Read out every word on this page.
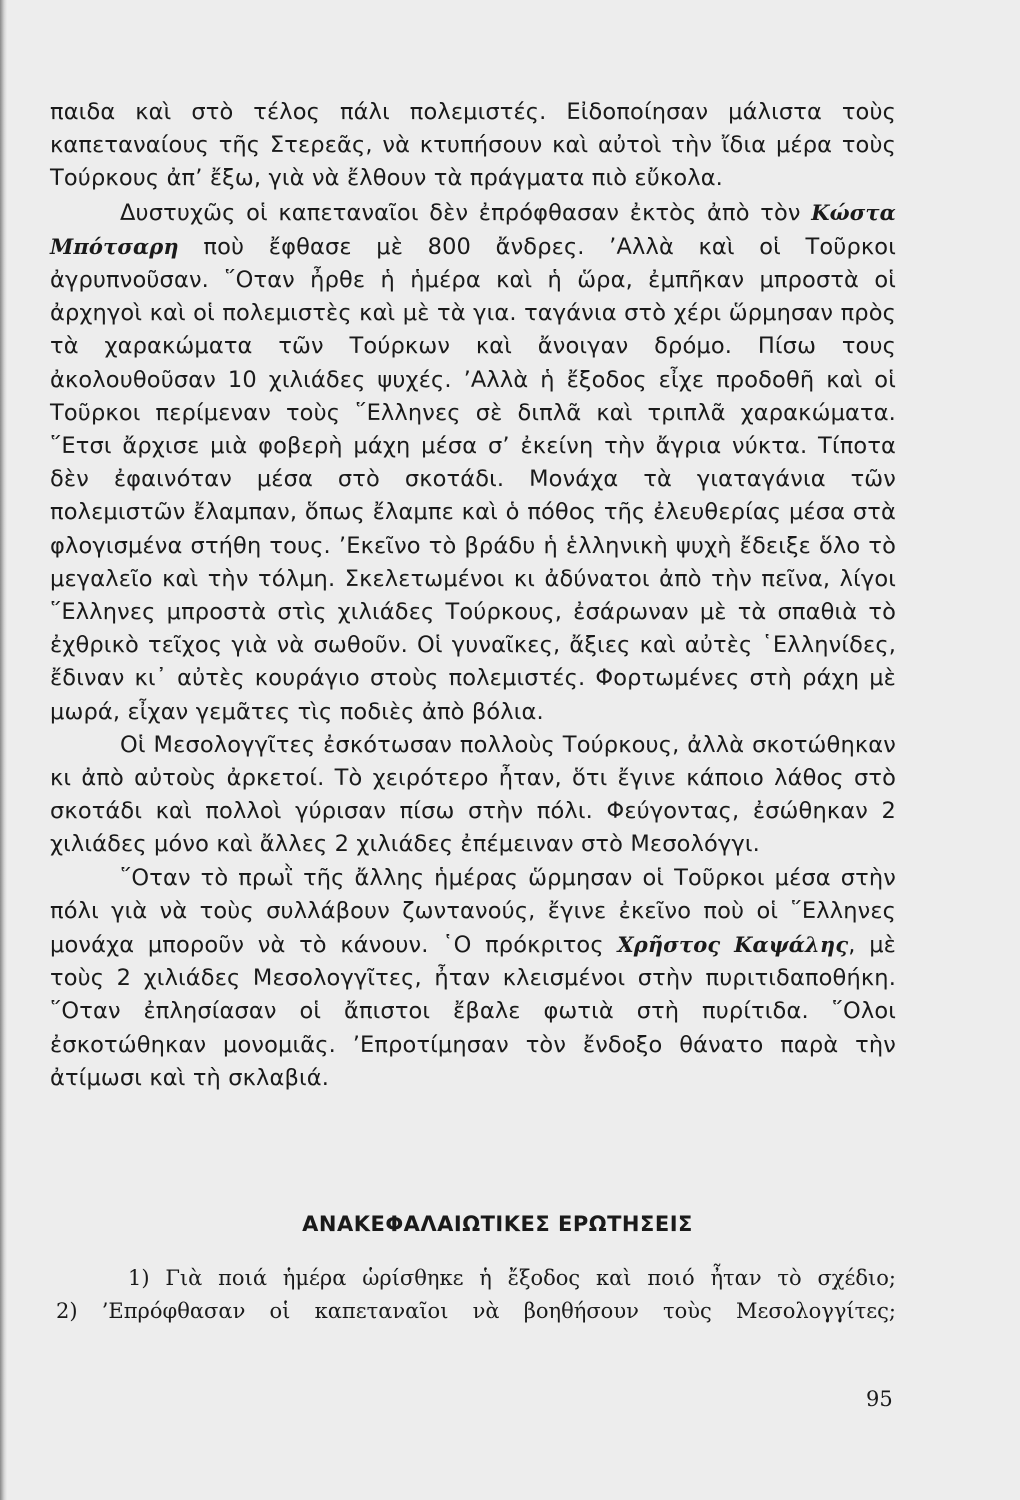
παιδα καὶ στὸ τέλος πάλι πολεμιστές. Εἰδοποίησαν μάλιστα τοὺς καπεταναίους τῆς Στερεᾶς, νὰ κτυπήσουν καὶ αὐτοὶ τὴν ἴδια μέρα τοὺς Τούρκους ἀπ’ ἔξω, γιὰ νὰ ἔλθουν τὰ πράγματα πιὸ εὔκολα.

Δυστυχῶς οἱ καπεταναῖοι δὲν ἐπρόφθασαν ἐκτὸς ἀπὸ τὸν Κώστα Μπότσαρη ποὺ ἔφθασε μὲ 800 ἄνδρες. ’Αλλὰ καὶ οἱ Τοῦρκοι ἀγρυπνοῦσαν. ῞Οταν ἦρθε ἡ ἡμέρα καὶ ἡ ὥρα, ἐμπῆκαν μπροστὰ οἱ ἀρχηγοὶ καὶ οἱ πολεμιστὲς καὶ μὲ τὰ για. ταγάνια στὸ χέρι ὥρμησαν πρὸς τὰ χαρακώματα τῶν Τούρκων καὶ ἄνοιγαν δρόμο. Πίσω τους ἀκολουθοῦσαν 10 χιλιάδες ψυχές. ’Αλλὰ ἡ ἔξοδος εἶχε προδοθῆ καὶ οἱ Τοῦρκοι περίμεναν τοὺς ῞Ελληνες σὲ διπλᾶ καὶ τριπλᾶ χαρακώματα. ῞Ετσι ἄρχισε μιὰ φοβερὴ μάχη μέσα σ’ ἐκείνη τὴν ἄγρια νύκτα. Τίποτα δὲν ἐφαινόταν μέσα στὸ σκοτάδι. Μονάχα τὰ γιαταγάνια τῶν πολεμιστῶν ἔλαμπαν, ὅπως ἔλαμπε καὶ ὁ πόθος τῆς ἐλευθερίας μέσα στὰ φλογισμένα στήθη τους. ’Εκεῖνο τὸ βράδυ ἡ ἑλληνικὴ ψυχὴ ἔδειξε ὅλο τὸ μεγαλεῖο καὶ τὴν τόλμη. Σκελετωμένοι κι ἀδύνατοι ἀπὸ τὴν πεῖνα, λίγοι ῞Ελληνες μπροστὰ στὶς χιλιάδες Τούρκους, ἐσάρωναν μὲ τὰ σπαθιὰ τὸ ἐχθρικὸ τεῖχος γιὰ νὰ σωθοῦν. Οἱ γυναῖκες, ἄξιες καὶ αὐτὲς ῾Ελληνίδες, ἔδιναν κι᾽ αὐτὲς κουράγιο στοὺς πολεμιστές. Φορτωμένες στὴ ράχη μὲ μωρά, εἶχαν γεμᾶτες τὶς ποδιὲς ἀπὸ βόλια.

Οἱ Μεσολογγῖτες ἐσκότωσαν πολλοὺς Τούρκους, ἀλλὰ σκοτώθηκαν κι ἀπὸ αὐτοὺς ἀρκετοί. Τὸ χειρότερο ἦταν, ὅτι ἔγινε κάποιο λάθος στὸ σκοτάδι καὶ πολλοὶ γύρισαν πίσω στὴν πόλι. Φεύγοντας, ἐσώθηκαν 2 χιλιάδες μόνο καὶ ἄλλες 2 χιλιάδες ἐπέμειναν στὸ Μεσολόγγι.

῞Οταν τὸ πρωῒ τῆς ἄλλης ἡμέρας ὥρμησαν οἱ Τοῦρκοι μέσα στὴν πόλι γιὰ νὰ τοὺς συλλάβουν ζωντανούς, ἔγινε ἐκεῖνο ποὺ οἱ ῞Ελληνες μονάχα μποροῦν νὰ τὸ κάνουν. ῾Ο πρόκριτος Χρῆστος Καψάλης, μὲ τοὺς 2 χιλιάδες Μεσολογγῖτες, ἦταν κλεισμένοι στὴν πυριτιδαποθήκη. ῞Οταν ἐπλησίασαν οἱ ἄπιστοι ἔβαλε φωτιὰ στὴ πυρίτιδα. ῞Ολοι ἐσκοτώθηκαν μονομιᾶς. ’Επροτίμησαν τὸν ἔνδοξο θάνατο παρὰ τὴν ἀτίμωσι καὶ τὴ σκλαβιά.

ΑΝΑΚΕΦΑΛΑΙΩΤΙΚΕΣ ΕΡΩΤΗΣΕΙΣ
1) Γιὰ ποιά ἡμέρα ὡρίσθηκε ἡ ἔξοδος καὶ ποιό ἦταν τὸ σχέδιο;
2) ’Επρόφθασαν οἱ καπεταναῖοι νὰ βοηθήσουν τοὺς Μεσολογγίτες;
95
